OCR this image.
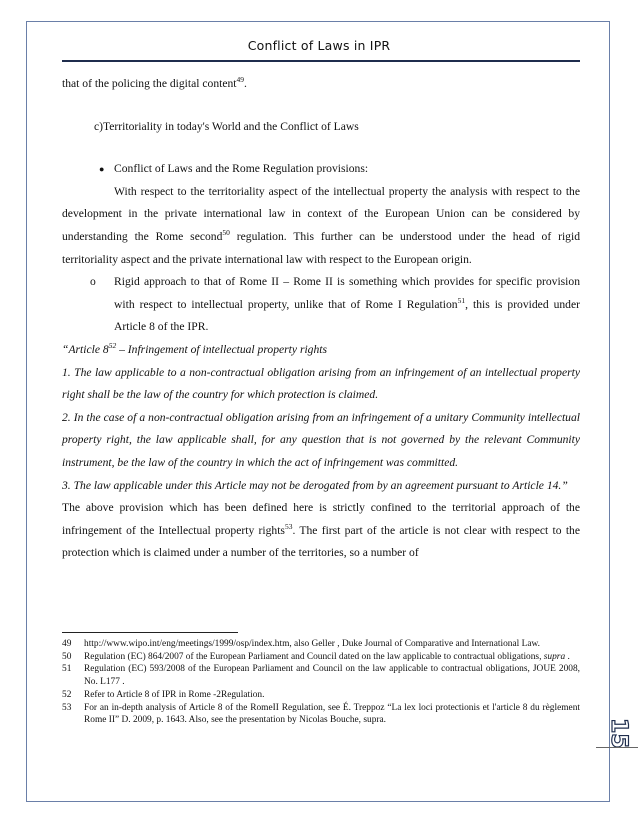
Conflict of Laws in IPR

that of the policing the digital content$^{49}$.

c)Territoriality in today's World and the Conflict of Laws

● Conflict of Laws and the Rome Regulation provisions:

With respect to the territoriality aspect of the intellectual property the analysis with respect to the development in the private international law in context of the European Union can be considered by understanding the Rome second$^{50}$ regulation. This further can be understood under the head of rigid territoriality aspect and the private international law with respect to the European origin.

o Rigid approach to that of Rome II – Rome II is something which provides for specific provision with respect to intellectual property, unlike that of Rome I Regulation$^{51}$, this is provided under Article 8 of the IPR.

“Article $8^{52}$ – Infringement of intellectual property rights

1. The law applicable to a non-contractual obligation arising from an infringement of an intellectual property right shall be the law of the country for which protection is claimed.

2. In the case of a non-contractual obligation arising from an infringement of a unitary Community intellectual property right, the law applicable shall, for any question that is not governed by the relevant Community instrument, be the law of the country in which the act of infringement was committed.

3. The law applicable under this Article may not be derogated from by an agreement pursuant to Article 14.”

The above provision which has been defined here is strictly confined to the territorial approach of the infringement of the Intellectual property rights$^{53}$. The first part of the article is not clear with respect to the protection which is claimed under a number of the territories, so a number of

49 http://www.wipo.int/eng/meetings/1999/osp/index.htm, also Geller , Duke Journal of Comparative and International Law.

50 Regulation (EC) 864/2007 of the European Parliament and Council dated on the law applicable to contractual obligations, supra .

51 Regulation (EC) 593/2008 of the European Parliament and Council on the law applicable to contractual obligations, JOUE 2008, No. L177 .

52 Refer to Article 8 of IPR in Rome -2Regulation.

53 For an in-depth analysis of Article 8 of the RomeII Regulation, see É. Treppoz “La lex loci protectionis et l'article 8 du règlement Rome II” D. 2009, p. 1643. Also, see the presentation by Nicolas Bouche, supra.	15
